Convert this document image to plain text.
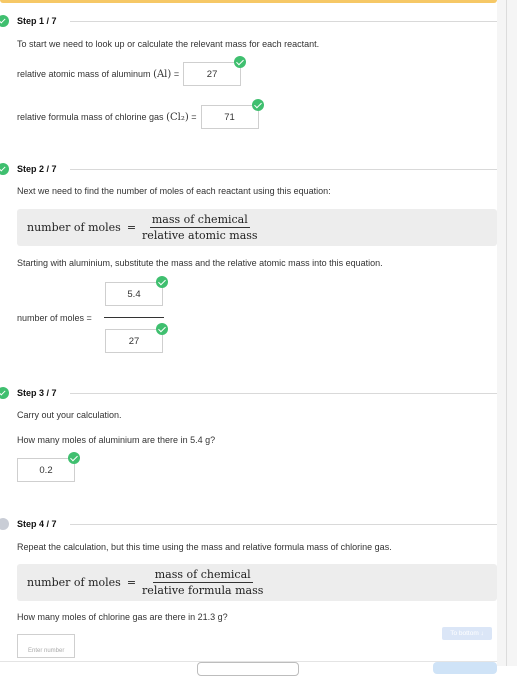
Step 1 / 7
To start we need to look up or calculate the relevant mass for each reactant.
relative atomic mass of aluminum
(Al)
=	27
relative formula mass of chlorine gas
(Cl₂)
=	71
Step 2 / 7
Next we need to find the number of moles of each reactant using this equation:
number of moles = $\frac{\text{mass of chemical}}{\text{relative atomic mass}}$
Starting with aluminium, substitute the mass and the relative atomic mass into this equation.
5.4
number of moles =
27
Step 3 / 7
Carry out your calculation.
How many moles of aluminium are there in 5.4 g?
0.2
Step 4 / 7
Repeat the calculation, but this time using the mass and relative formula mass of chlorine gas.
number of moles = $\frac{\text{mass of chemical}}{\text{relative formula mass}}$
How many moles of chlorine gas are there in 21.3 g?
To bottom ↓
Enter number
